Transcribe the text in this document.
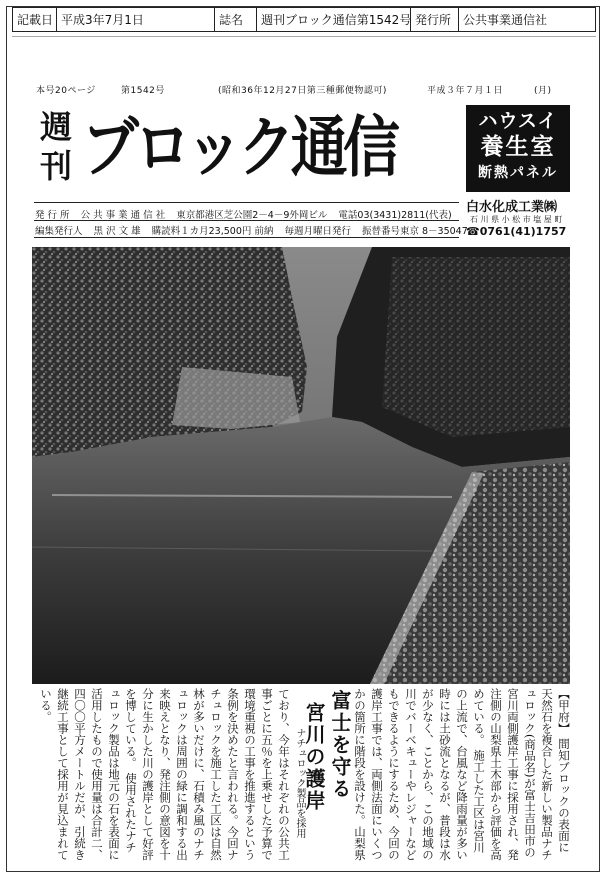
記載日 平成3年7月1日	誌名	週刊ブロック通信第1542号 発行所 公共事業通信社
本号20ページ	第1542号	(昭和36年12月27日第三種郵便物認可)	平成３年７月１日	(月)
週
刊 ブロック通信	ハウスイ
養生室
断熱パネル
白水化成工業㈱
石 川 県 小 松 市 塩 屋 町
☎0761(41)1757
発 行 所 公 共 事 業 通 信 社 東京都港区芝公園2－4－9外岡ビル 電話03(3431)2811(代表)
編集発行人 黒 沢 文 雄 購読料１カ月23,500円 前納 毎週月曜日発行 振替番号東京 8－35047
【甲府】 間知ブロックの表面に天然石を複合した新しい製品ナチュロック(商品名)が富士吉田市の宮川両側護岸工事に採用され、発注側の山梨県土木部から評価を高めている。 施工した工区は宮川の上流で、台風など降雨量が多い時には土砂流となるが、普段は水が少なく、ことから、この地域の川でバーベキューやレジャーなどもできるようにするため、今回の護岸工事では、両側法面にいくつかの箇所に階段を設けた。山梨県
富士を守る
宮川の護岸
ナチュロック製品を採用
ており、今年はそれぞれの公共工事ごとに五％を上乗せした予算で環境重視の工事を推進するという条例を決めたと言われる。今回ナチュロックを施工した工区は自然林が多いだけに、石積み風のナチュロックは周囲の緑に調和する出来映えとなり、発注側の意図を十分に生かした川の護岸として好評を博している。 使用されたナチュロック製品は地元の石を表面に活用したもので使用量は合計二、四〇〇平方メートルだが、引続き継続工事として採用が見込まれている。
